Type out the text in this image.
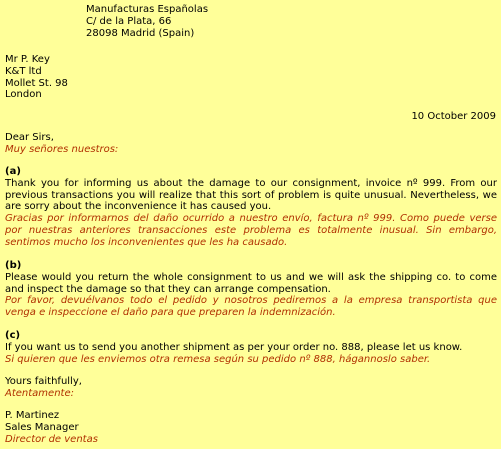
Manufacturas Españolas
C/ de la Plata, 66
28098 Madrid (Spain)
Mr P. Key
K&T ltd
Mollet St. 98
London
10 October 2009
Dear Sirs,
Muy señores nuestros:
(a)
Thank you for informing us about the damage to our consignment, invoice nº 999. From our previous transactions you will realize that this sort of problem is quite unusual. Nevertheless, we are sorry about the inconvenience it has caused you.
Gracias por informarnos del daño ocurrido a nuestro envío, factura nº 999. Como puede verse por nuestras anteriores transacciones este problema es totalmente inusual. Sin embargo, sentimos mucho los inconvenientes que les ha causado.
(b)
Please would you return the whole consignment to us and we will ask the shipping co. to come and inspect the damage so that they can arrange compensation.
Por favor, devuélvanos todo el pedido y nosotros pediremos a la empresa transportista que venga e inspeccione el daño para que preparen la indemnización.
(c)
If you want us to send you another shipment as per your order no. 888, please let us know.
Si quieren que les enviemos otra remesa según su pedido nº 888, hágannoslo saber.
Yours faithfully,
Atentamente:
P. Martinez
Sales Manager
Director de ventas
